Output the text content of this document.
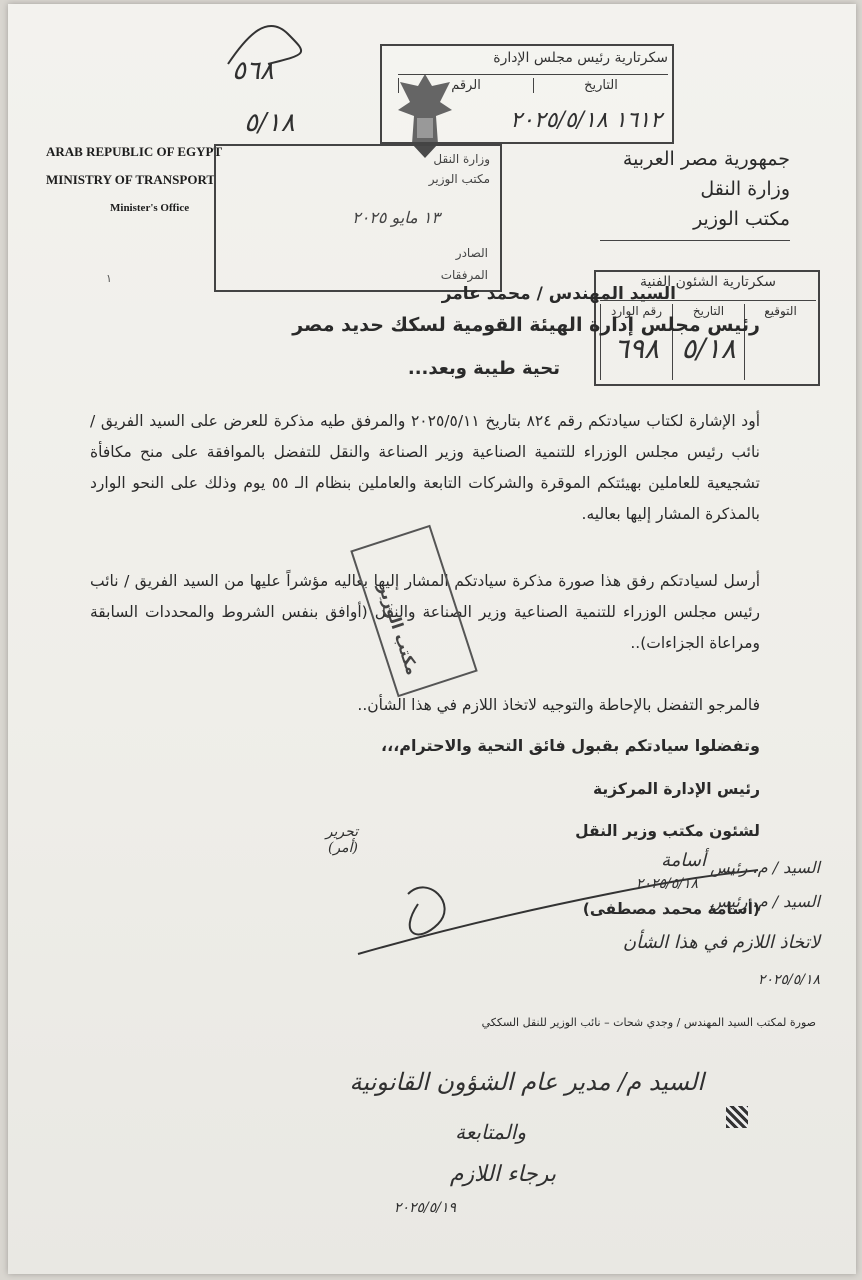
٥٦٨
٥/١٨
ARAB REPUBLIC OF EGYPT
MINISTRY OF TRANSPORT
Minister's Office
جمهورية مصر العربية
وزارة النقل
مكتب الوزير
سكرتارية رئيس مجلس الإدارة
الرقم	التاريخ
١٦١٢ ٢٠٢٥/٥/١٨
وزارة النقل
مكتب الوزير
١٣ مايو ٢٠٢٥
الصادر
المرفقات	سكرتارية الشئون الفنية
رقم الوارد
٦٩٨
التاريخ
٥/١٨
التوقيع
١
السيد المهندس / محمد عامر
رئيس مجلس إدارة الهيئة القومية لسكك حديد مصر
تحية طيبة وبعد...
أود الإشارة لكتاب سيادتكم رقم ٨٢٤ بتاريخ ٢٠٢٥/٥/١١ والمرفق طيه مذكرة للعرض على السيد الفريق / نائب رئيس مجلس الوزراء للتنمية الصناعية وزير الصناعة والنقل للتفضل بالموافقة على منح مكافأة تشجيعية للعاملين بهيئتكم الموقرة والشركات التابعة والعاملين بنظام الـ ٥٥ يوم وذلك على النحو الوارد بالمذكرة المشار إليها بعاليه.
أرسل لسيادتكم رفق هذا صورة مذكرة سيادتكم المشار إليها بعاليه مؤشراً عليها من السيد الفريق / نائب رئيس مجلس الوزراء للتنمية الصناعية وزير الصناعة والنقل (أوافق بنفس الشروط والمحددات السابقة ومراعاة الجزاءات)..
فالمرجو التفضل بالإحاطة والتوجيه لاتخاذ اللازم في هذا الشأن..
وتفضلوا سيادتكم بقبول فائق التحية والاحترام،،،
مكتب الوزير
رئيس الإدارة المركزية
لشئون مكتب وزير النقل
أسامة
٢٠٢٥/٥/١٨
(أسامة محمد مصطفى)
تحرير (أمر)
السيد / م. رئيس
السيد / م. رئيس
لاتخاذ اللازم في هذا الشأن
٢٠٢٥/٥/١٨
صورة لمكتب السيد المهندس / وجدي شحات – نائب الوزير للنقل السككي
السيد م/ مدير عام الشؤون القانونية
والمتابعة
برجاء اللازم
٢٠٢٥/٥/١٩
